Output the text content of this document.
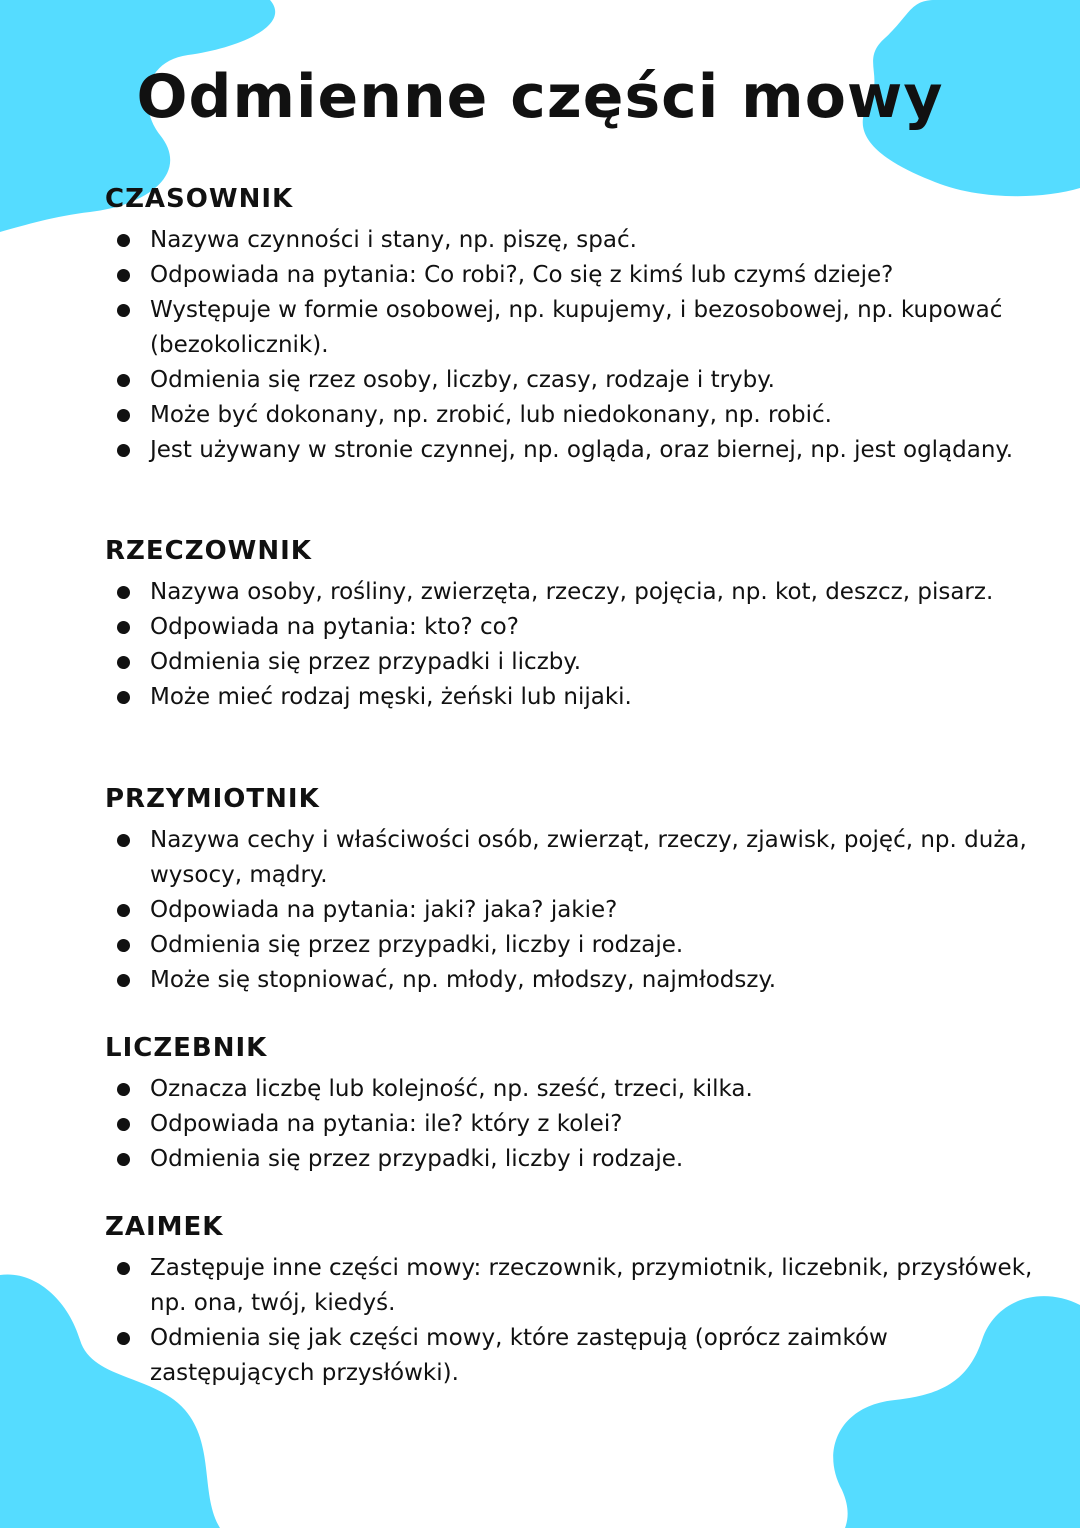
Odmienne części mowy
CZASOWNIK
Nazywa czynności i stany, np. piszę, spać.
Odpowiada na pytania: Co robi?, Co się z kimś lub czymś dzieje?
Występuje w formie osobowej, np. kupujemy, i bezosobowej, np. kupować (bezokolicznik).
Odmienia się rzez osoby, liczby, czasy, rodzaje i tryby.
Może być dokonany, np. zrobić, lub niedokonany, np. robić.
Jest używany w stronie czynnej, np. ogląda, oraz biernej, np. jest oglądany.
RZECZOWNIK
Nazywa osoby, rośliny, zwierzęta, rzeczy, pojęcia, np. kot, deszcz, pisarz.
Odpowiada na pytania: kto? co?
Odmienia się przez przypadki i liczby.
Może mieć rodzaj męski, żeński lub nijaki.
PRZYMIOTNIK
Nazywa cechy i właściwości osób, zwierząt, rzeczy, zjawisk, pojęć, np. duża, wysocy, mądry.
Odpowiada na pytania: jaki? jaka? jakie?
Odmienia się przez przypadki, liczby i rodzaje.
Może się stopniować, np. młody, młodszy, najmłodszy.
LICZEBNIK
Oznacza liczbę lub kolejność, np. sześć, trzeci, kilka.
Odpowiada na pytania: ile? który z kolei?
Odmienia się przez przypadki, liczby i rodzaje.
ZAIMEK
Zastępuje inne części mowy: rzeczownik, przymiotnik, liczebnik, przysłówek, np. ona, twój, kiedyś.
Odmienia się jak części mowy, które zastępują (oprócz zaimków zastępujących przysłówki).
